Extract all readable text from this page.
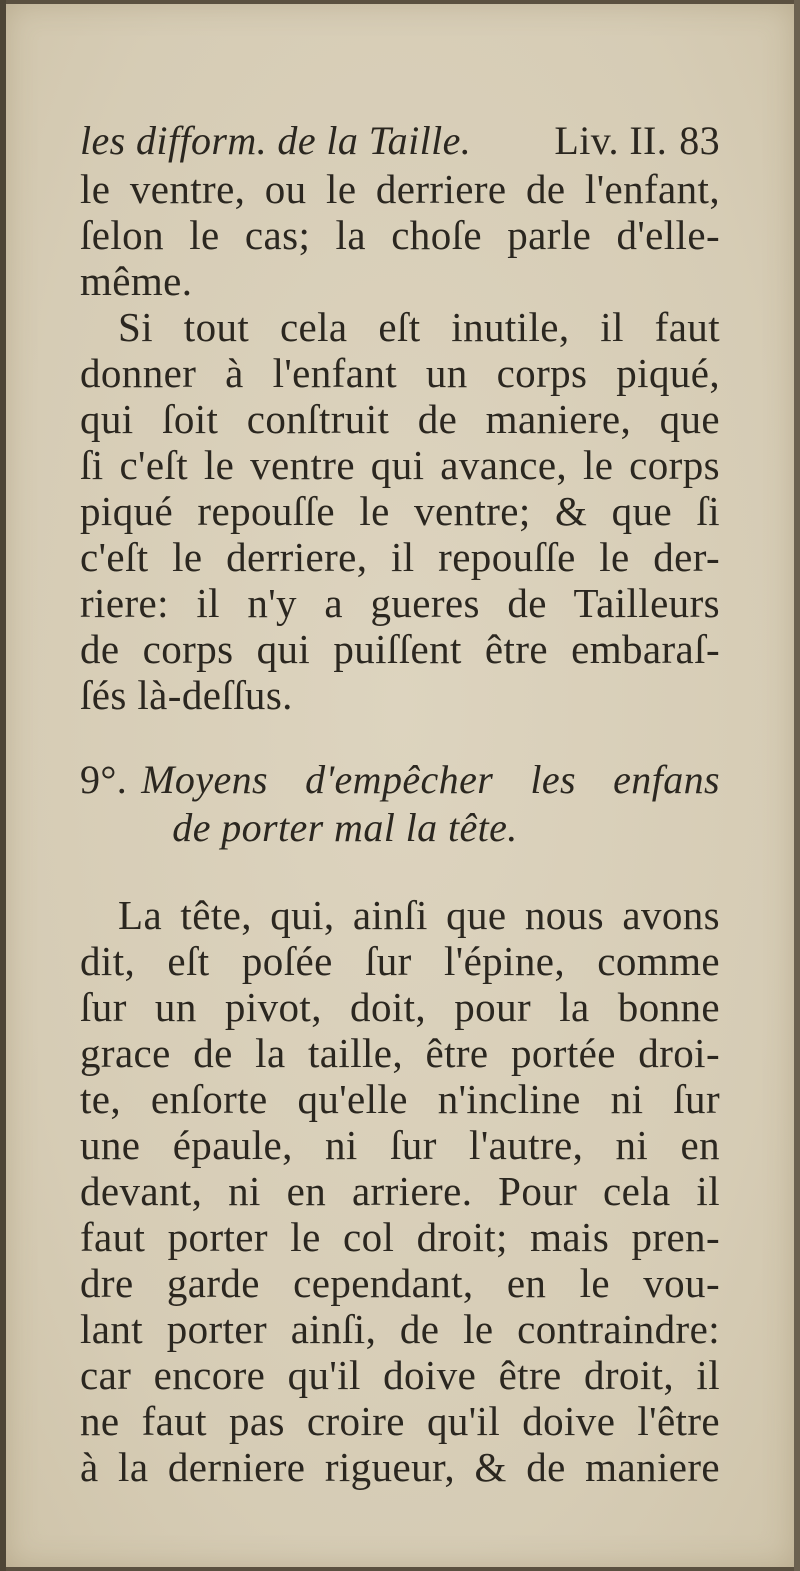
les difform. de la Taille. Liv. II. 83
le ventre, ou le derriere de l'enfant,
ſelon le cas; la choſe parle d'elle-
même.
Si tout cela eſt inutile, il faut
donner à l'enfant un corps piqué,
qui ſoit conſtruit de maniere, que
ſi c'eſt le ventre qui avance, le corps
piqué repouſſe le ventre; & que ſi
c'eſt le derriere, il repouſſe le der-
riere: il n'y a gueres de Tailleurs
de corps qui puiſſent être embaraſ-
ſés là-deſſus.
9°. Moyens d'empêcher les enfans
de porter mal la tête.
La tête, qui, ainſi que nous avons
dit, eſt poſée ſur l'épine, comme
ſur un pivot, doit, pour la bonne
grace de la taille, être portée droi-
te, enſorte qu'elle n'incline ni ſur
une épaule, ni ſur l'autre, ni en
devant, ni en arriere. Pour cela il
faut porter le col droit; mais pren-
dre garde cependant, en le vou-
lant porter ainſi, de le contraindre:
car encore qu'il doive être droit, il
ne faut pas croire qu'il doive l'être
à la derniere rigueur, & de maniere
